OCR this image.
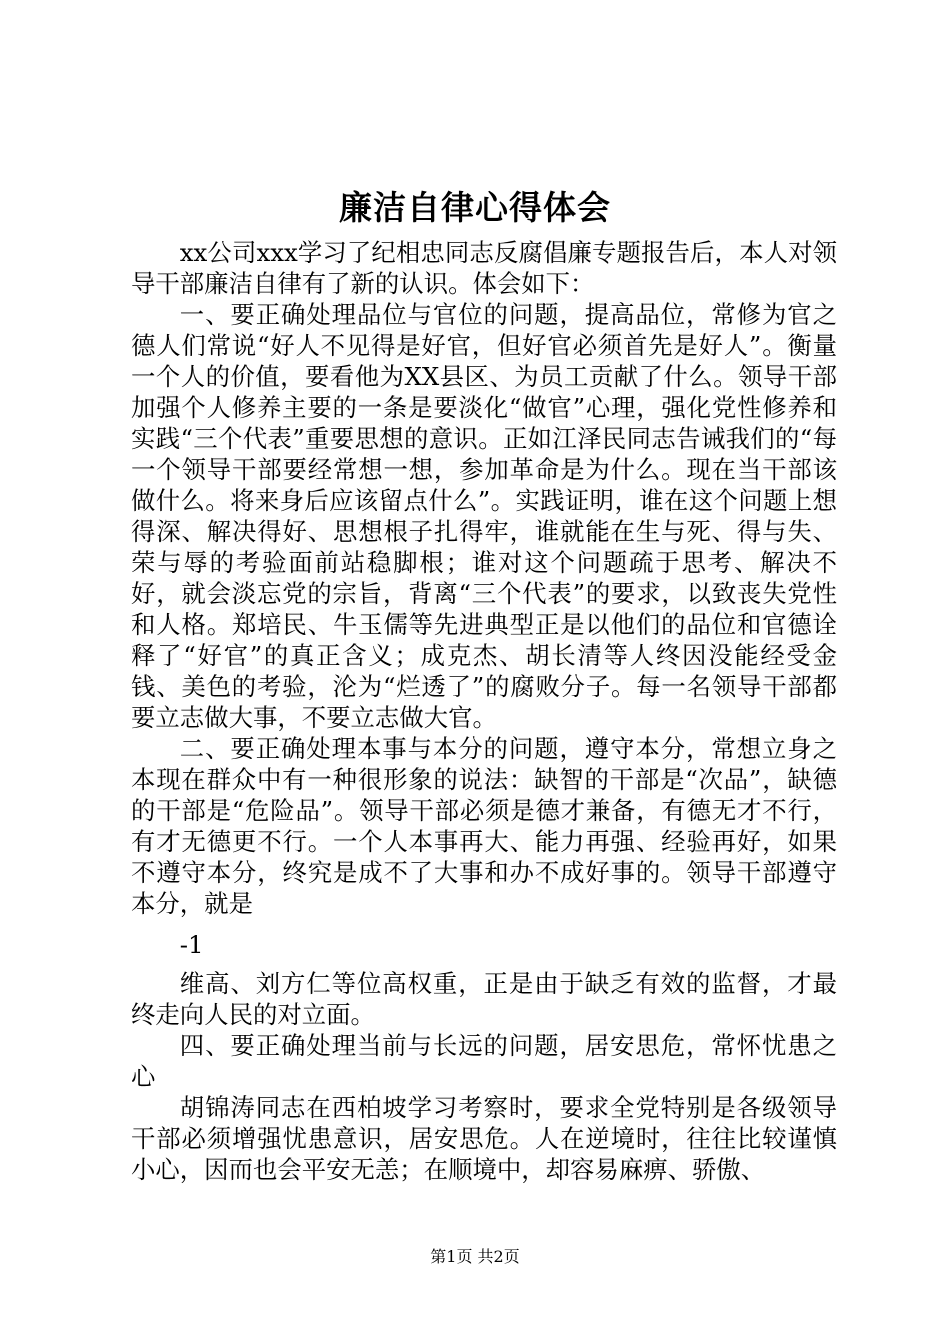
廉洁自律心得体会

xx公司xxx学习了纪相忠同志反腐倡廉专题报告后，本人对领导干部廉洁自律有了新的认识。体会如下：

一、要正确处理品位与官位的问题，提高品位，常修为官之德人们常说“好人不见得是好官，但好官必须首先是好人”。衡量一个人的价值，要看他为XX县区、为员工贡献了什么。领导干部加强个人修养主要的一条是要淡化“做官”心理，强化党性修养和实践“三个代表”重要思想的意识。正如江泽民同志告诫我们的“每一个领导干部要经常想一想，参加革命是为什么。现在当干部该做什么。将来身后应该留点什么”。实践证明，谁在这个问题上想得深、解决得好、思想根子扎得牢，谁就能在生与死、得与失、荣与辱的考验面前站稳脚根；谁对这个问题疏于思考、解决不好，就会淡忘党的宗旨，背离“三个代表”的要求，以致丧失党性和人格。郑培民、牛玉儒等先进典型正是以他们的品位和官德诠释了“好官”的真正含义；成克杰、胡长清等人终因没能经受金钱、美色的考验，沦为“烂透了”的腐败分子。每一名领导干部都要立志做大事，不要立志做大官。

二、要正确处理本事与本分的问题，遵守本分，常想立身之本现在群众中有一种很形象的说法：缺智的干部是“次品”，缺德的干部是“危险品”。领导干部必须是德才兼备，有德无才不行，有才无德更不行。一个人本事再大、能力再强、经验再好，如果不遵守本分，终究是成不了大事和办不成好事的。领导干部遵守本分，就是

-1

维高、刘方仁等位高权重，正是由于缺乏有效的监督，才最终走向人民的对立面。

四、要正确处理当前与长远的问题，居安思危，常怀忧患之心

胡锦涛同志在西柏坡学习考察时，要求全党特别是各级领导干部必须增强忧患意识，居安思危。人在逆境时，往往比较谨慎小心，因而也会平安无恙；在顺境中，却容易麻痹、骄傲、

第1页 共2页
